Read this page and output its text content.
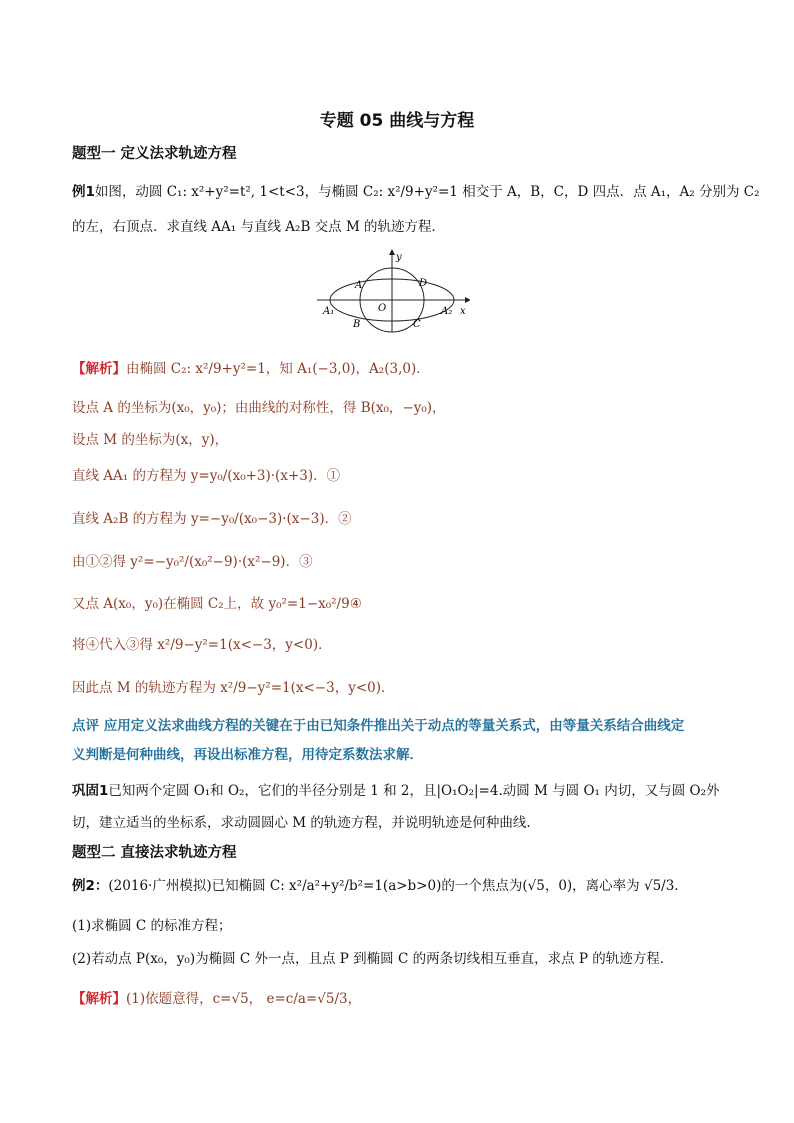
专题 05 曲线与方程
题型一 定义法求轨迹方程
例1如图，动圆 C₁: x²+y²=t², 1<t<3，与椭圆 C₂: x²/9+y²=1 相交于 A，B，C，D 四点．点 A₁，A₂ 分别为 C₂
的左，右顶点．求直线 AA₁ 与直线 A₂B 交点 M 的轨迹方程．
y
x
A	D
O
A₁
B	C
A₂
【解析】由椭圆 C₂: x²/9+y²=1，知 A₁(−3,0)，A₂(3,0)．
设点 A 的坐标为(x₀，y₀)；由曲线的对称性，得 B(x₀，−y₀)，
设点 M 的坐标为(x，y)，
直线 AA₁ 的方程为 y=y₀/(x₀+3)·(x+3)．①
直线 A₂B 的方程为 y=−y₀/(x₀−3)·(x−3)．②
由①②得 y²=−y₀²/(x₀²−9)·(x²−9)．③
又点 A(x₀，y₀)在椭圆 C₂上，故 y₀²=1−x₀²/9④
将④代入③得 x²/9−y²=1(x<−3，y<0)．
因此点 M 的轨迹方程为 x²/9−y²=1(x<−3，y<0)．
点评 应用定义法求曲线方程的关键在于由已知条件推出关于动点的等量关系式，由等量关系结合曲线定
义判断是何种曲线，再设出标准方程，用待定系数法求解．
巩固1已知两个定圆 O₁和 O₂，它们的半径分别是 1 和 2，且|O₁O₂|=4.动圆 M 与圆 O₁ 内切，又与圆 O₂外
切，建立适当的坐标系，求动圆圆心 M 的轨迹方程，并说明轨迹是何种曲线.
题型二 直接法求轨迹方程
例2：(2016·广州模拟)已知椭圆 C: x²/a²+y²/b²=1(a>b>0)的一个焦点为(√5，0)，离心率为 √5/3.
(1)求椭圆 C 的标准方程；
(2)若动点 P(x₀，y₀)为椭圆 C 外一点，且点 P 到椭圆 C 的两条切线相互垂直，求点 P 的轨迹方程．
【解析】(1)依题意得，c=√5， e=c/a=√5/3，
